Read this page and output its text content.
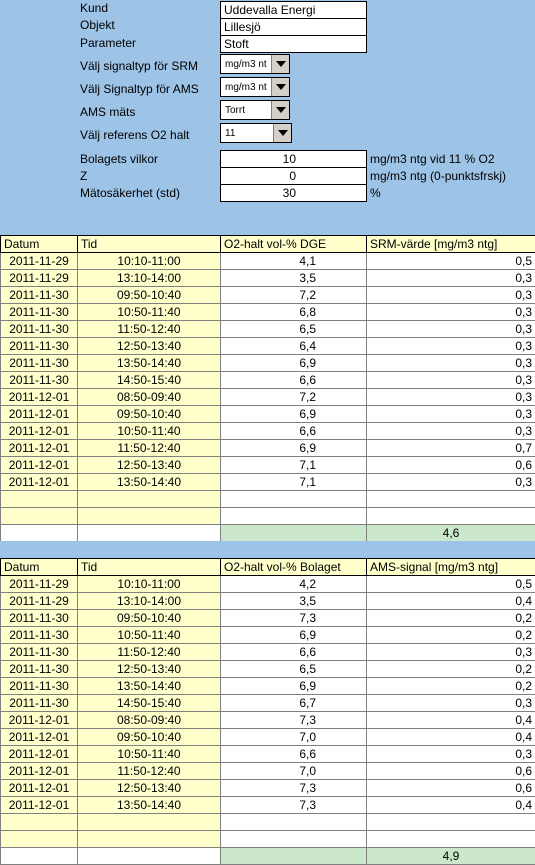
Kund	Uddevalla Energi
Objekt	Lillesjö
Parameter	Stoft
Välj signaltyp för SRM	mg/m3 nt
Välj Signaltyp för AMS	mg/m3 nt
AMS mäts	Torrt
Välj referens O2 halt	11
Bolagets vilkor	10	mg/m3 ntg vid 11 % O2
Z	0	mg/m3 ntg (0-punktsfrskj)
Mätosäkerhet (std)	30	%
Datum	Tid	O2-halt vol-% DGE	SRM-värde [mg/m3 ntg]
2011-11-29	10:10-11:00	4,1	0,5
2011-11-29	13:10-14:00	3,5	0,3
2011-11-30	09:50-10:40	7,2	0,3
2011-11-30	10:50-11:40	6,8	0,3
2011-11-30	11:50-12:40	6,5	0,3
2011-11-30	12:50-13:40	6,4	0,3
2011-11-30	13:50-14:40	6,9	0,3
2011-11-30	14:50-15:40	6,6	0,3
2011-12-01	08:50-09:40	7,2	0,3
2011-12-01	09:50-10:40	6,9	0,3
2011-12-01	10:50-11:40	6,6	0,3
2011-12-01	11:50-12:40	6,9	0,7
2011-12-01	12:50-13:40	7,1	0,6
2011-12-01	13:50-14:40	7,1	0,3

			4,6
Datum	Tid	O2-halt vol-% Bolaget	AMS-signal [mg/m3 ntg]
2011-11-29	10:10-11:00	4,2	0,5
2011-11-29	13:10-14:00	3,5	0,4
2011-11-30	09:50-10:40	7,3	0,2
2011-11-30	10:50-11:40	6,9	0,2
2011-11-30	11:50-12:40	6,6	0,3
2011-11-30	12:50-13:40	6,5	0,2
2011-11-30	13:50-14:40	6,9	0,2
2011-11-30	14:50-15:40	6,7	0,3
2011-12-01	08:50-09:40	7,3	0,4
2011-12-01	09:50-10:40	7,0	0,4
2011-12-01	10:50-11:40	6,6	0,3
2011-12-01	11:50-12:40	7,0	0,6
2011-12-01	12:50-13:40	7,3	0,6
2011-12-01	13:50-14:40	7,3	0,4

			4,9
